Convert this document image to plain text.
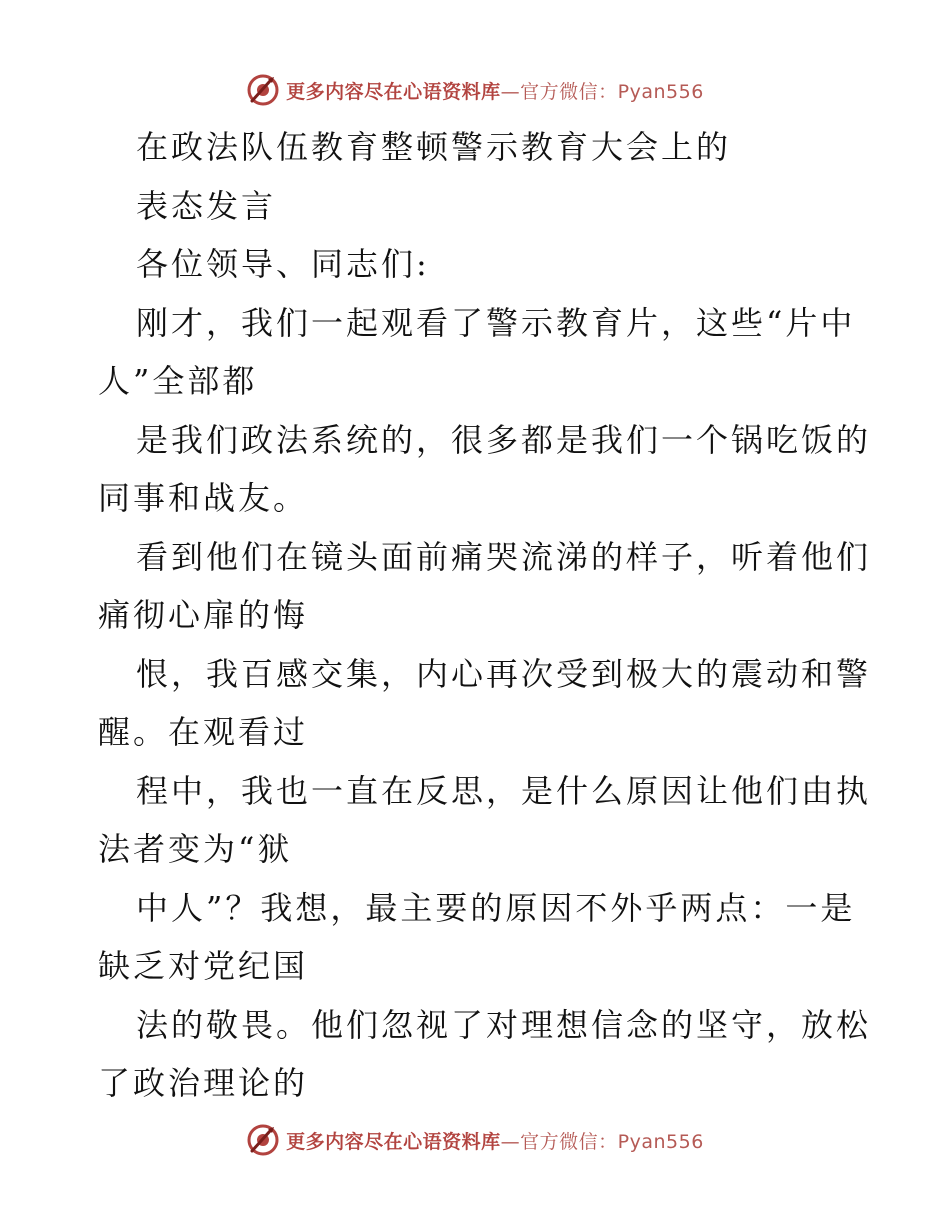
更多内容尽在心语资料库—官方微信：Pyan556
在政法队伍教育整顿警示教育大会上的
表态发言
各位领导、同志们:
刚才，我们一起观看了警示教育片，这些“片中
人”全部都
是我们政法系统的，很多都是我们一个锅吃饭的
同事和战友。
看到他们在镜头面前痛哭流涕的样子，听着他们
痛彻心扉的悔
恨，我百感交集，内心再次受到极大的震动和警
醒。在观看过
程中，我也一直在反思，是什么原因让他们由执
法者变为“狱
中人”？我想，最主要的原因不外乎两点：一是
缺乏对党纪国
法的敬畏。他们忽视了对理想信念的坚守，放松
了政治理论的
更多内容尽在心语资料库—官方微信：Pyan556
